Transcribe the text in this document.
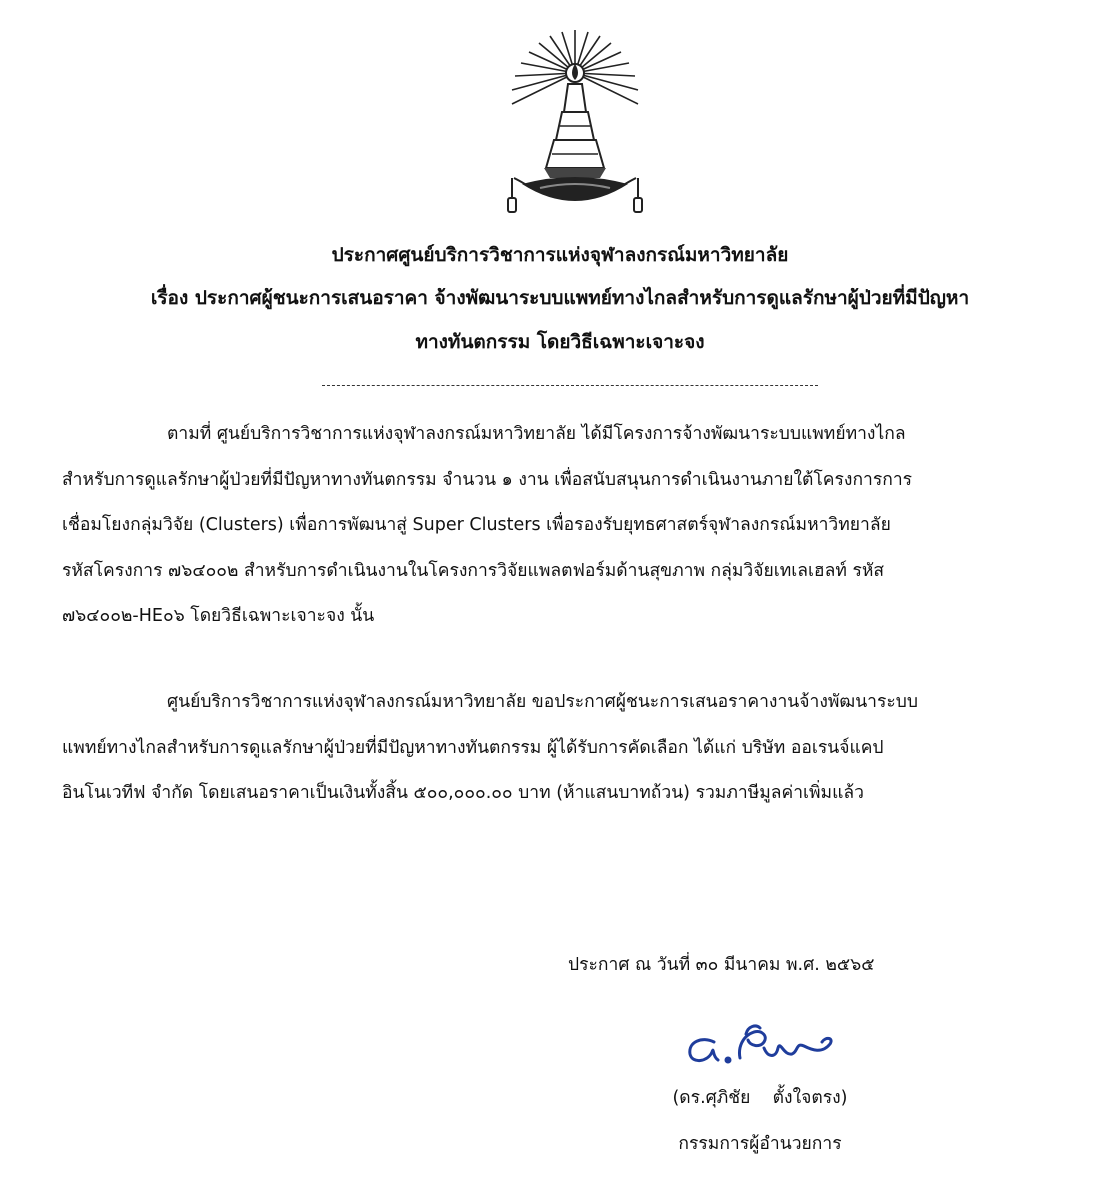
ประกาศศูนย์บริการวิชาการแห่งจุฬาลงกรณ์มหาวิทยาลัย
เรื่อง ประกาศผู้ชนะการเสนอราคา จ้างพัฒนาระบบแพทย์ทางไกลสำหรับการดูแลรักษาผู้ป่วยที่มีปัญหา
ทางทันตกรรม โดยวิธีเฉพาะเจาะจง
ตามที่ ศูนย์บริการวิชาการแห่งจุฬาลงกรณ์มหาวิทยาลัย ได้มีโครงการจ้างพัฒนาระบบแพทย์ทางไกล
สำหรับการดูแลรักษาผู้ป่วยที่มีปัญหาทางทันตกรรม จำนวน ๑ งาน เพื่อสนับสนุนการดำเนินงานภายใต้โครงการการ
เชื่อมโยงกลุ่มวิจัย (Clusters) เพื่อการพัฒนาสู่ Super Clusters เพื่อรองรับยุทธศาสตร์จุฬาลงกรณ์มหาวิทยาลัย
รหัสโครงการ ๗๖๔๐๐๒ สำหรับการดำเนินงานในโครงการวิจัยแพลตฟอร์มด้านสุขภาพ กลุ่มวิจัยเทเลเฮลท์ รหัส
๗๖๔๐๐๒-HE๐๖ โดยวิธีเฉพาะเจาะจง นั้น
ศูนย์บริการวิชาการแห่งจุฬาลงกรณ์มหาวิทยาลัย ขอประกาศผู้ชนะการเสนอราคางานจ้างพัฒนาระบบ
แพทย์ทางไกลสำหรับการดูแลรักษาผู้ป่วยที่มีปัญหาทางทันตกรรม ผู้ได้รับการคัดเลือก ได้แก่ บริษัท ออเรนจ์แคป
อินโนเวทีฟ จำกัด โดยเสนอราคาเป็นเงินทั้งสิ้น ๕๐๐,๐๐๐.๐๐ บาท (ห้าแสนบาทถ้วน) รวมภาษีมูลค่าเพิ่มแล้ว
ประกาศ ณ วันที่ ๓๐ มีนาคม พ.ศ. ๒๕๖๕
(ดร.ศุภิชัย    ตั้งใจตรง)
กรรมการผู้อำนวยการ
